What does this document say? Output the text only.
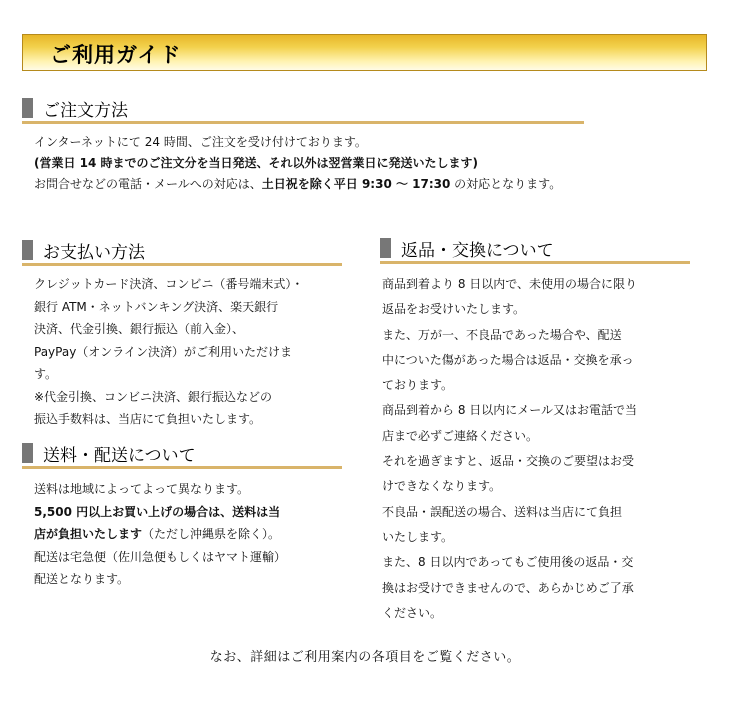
ご利用ガイド
ご注文方法
インターネットにて 24 時間、ご注文を受け付けております。
(営業日 14 時までのご注文分を当日発送、それ以外は翌営業日に発送いたします)
お問合せなどの電話・メールへの対応は、土日祝を除く平日 9:30 〜 17:30 の対応となります。
お支払い方法
クレジットカード決済、コンビニ（番号端末式）・
銀行 ATM・ネットバンキング決済、楽天銀行
決済、代金引換、銀行振込（前入金）、
PayPay（オンライン決済）がご利用いただけま
す。
※代金引換、コンビニ決済、銀行振込などの
振込手数料は、当店にて負担いたします。
送料・配送について
送料は地域によってよって異なります。
5,500 円以上お買い上げの場合は、送料は当
店が負担いたします（ただし沖縄県を除く）。
配送は宅急便（佐川急便もしくはヤマト運輸）
配送となります。
返品・交換について
商品到着より 8 日以内で、未使用の場合に限り
返品をお受けいたします。
また、万が一、不良品であった場合や、配送
中についた傷があった場合は返品・交換を承っ
ております。
商品到着から 8 日以内にメール又はお電話で当
店まで必ずご連絡ください。
それを過ぎますと、返品・交換のご要望はお受
けできなくなります。
不良品・誤配送の場合、送料は当店にて負担
いたします。
また、8 日以内であってもご使用後の返品・交
換はお受けできませんので、あらかじめご了承
ください。
なお、詳細はご利用案内の各項目をご覧ください。
